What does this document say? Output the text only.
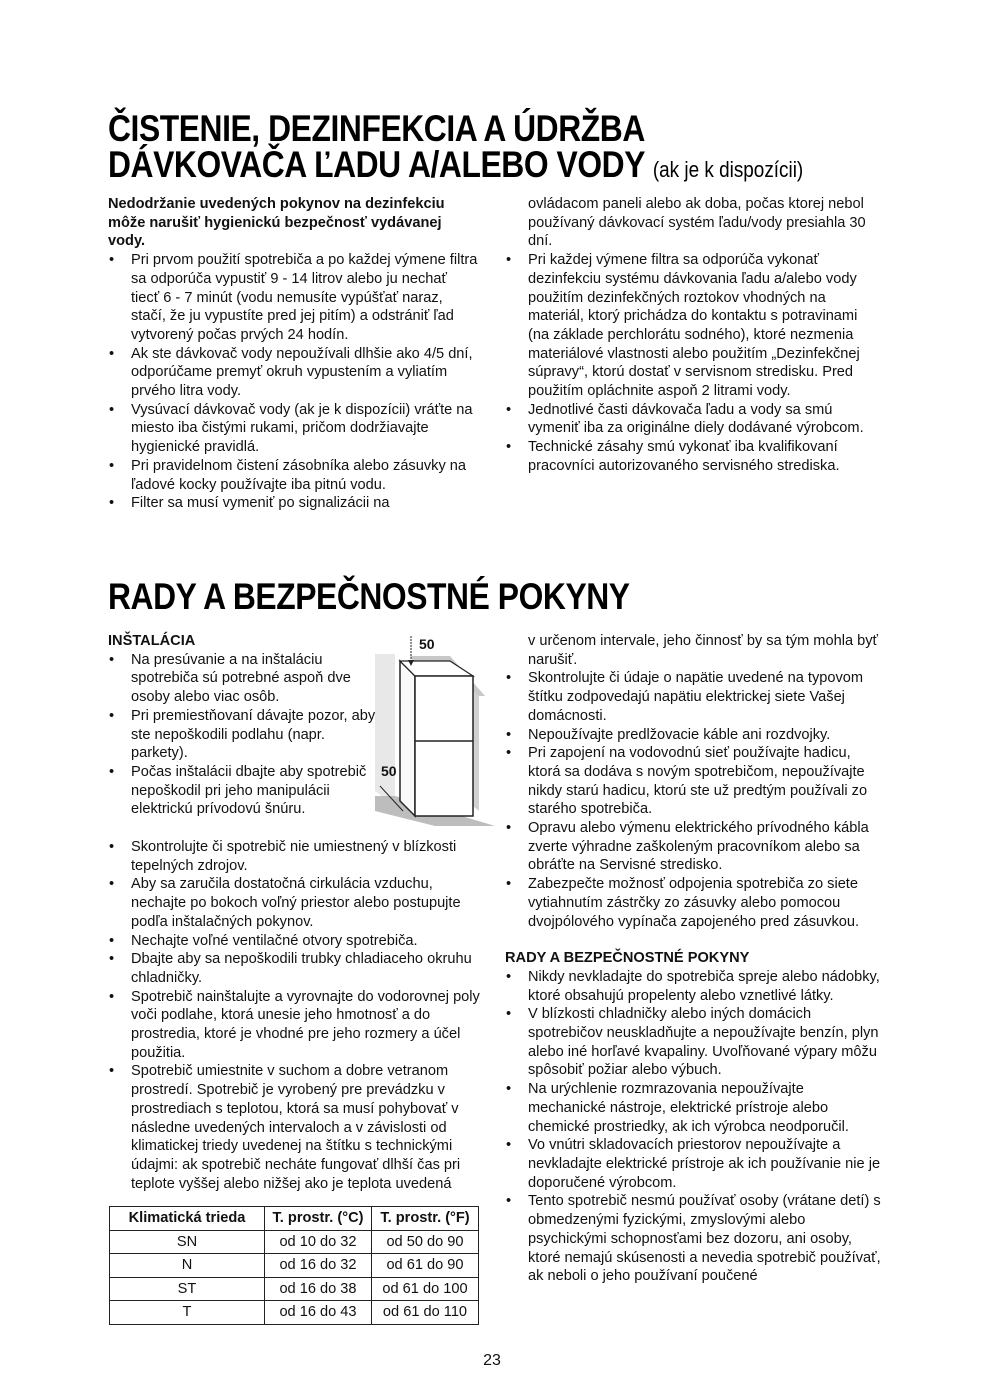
ČISTENIE, DEZINFEKCIA A ÚDRŽBA
DÁVKOVAČA ĽADU A/ALEBO VODY (ak je k dispozícii)

Nedodržanie uvedených pokynov na dezinfekciu môže narušiť hygienickú bezpečnosť vydávanej vody.

• Pri prvom použití spotrebiča a po každej výmene filtra sa odporúča vypustiť 9 - 14 litrov alebo ju nechať tiecť 6 - 7 minút (vodu nemusíte vypúšťať naraz, stačí, že ju vypustíte pred jej pitím) a odstrániť ľad vytvorený počas prvých 24 hodín.
• Ak ste dávkovač vody nepoužívali dlhšie ako 4/5 dní, odporúčame premyť okruh vypustením a vyliatím prvého litra vody.
• Vysúvací dávkovač vody (ak je k dispozícii) vráťte na miesto iba čistými rukami, pričom dodržiavajte hygienické pravidlá.
• Pri pravidelnom čistení zásobníka alebo zásuvky na ľadové kocky používajte iba pitnú vodu.
• Filter sa musí vymeniť po signalizácii na
ovládacom paneli alebo ak doba, počas ktorej nebol používaný dávkovací systém ľadu/vody presiahla 30 dní.
• Pri každej výmene filtra sa odporúča vykonať dezinfekciu systému dávkovania ľadu a/alebo vody použitím dezinfekčných roztokov vhodných na materiál, ktorý prichádza do kontaktu s potravinami (na základe perchlorátu sodného), ktoré nezmenia materiálové vlastnosti alebo použitím „Dezinfekčnej súpravy“, ktorú dostať v servisnom stredisku. Pred použitím opláchnite aspoň 2 litrami vody.
• Jednotlivé časti dávkovača ľadu a vody sa smú vymeniť iba za originálne diely dodávané výrobcom.
• Technické zásahy smú vykonať iba kvalifikovaní pracovníci autorizovaného servisného strediska.
RADY A BEZPEČNOSTNÉ POKYNY

INŠTALÁCIA

• Na presúvanie a na inštaláciu spotrebiča sú potrebné aspoň dve osoby alebo viac osôb.
• Pri premiestňovaní dávajte pozor, aby ste nepoškodili podlahu (napr. parkety).
• Počas inštalácii dbajte aby spotrebič nepoškodil pri jeho manipulácii elektrickú prívodovú šnúru.
50
50
• Skontrolujte či spotrebič nie umiestnený v blízkosti tepelných zdrojov.
• Aby sa zaručila dostatočná cirkulácia vzduchu, nechajte po bokoch voľný priestor alebo postupujte podľa inštalačných pokynov.
• Nechajte voľné ventilačné otvory spotrebiča.
• Dbajte aby sa nepoškodili trubky chladiaceho okruhu chladničky.
• Spotrebič nainštalujte a vyrovnajte do vodorovnej poly voči podlahe, ktorá unesie jeho hmotnosť a do prostredia, ktoré je vhodné pre jeho rozmery a účel použitia.
• Spotrebič umiestnite v suchom a dobre vetranom prostredí. Spotrebič je vyrobený pre prevádzku v prostrediach s teplotou, ktorá sa musí pohybovať v následne uvedených intervaloch a v závislosti od klimatickej triedy uvedenej na štítku s technickými údajmi: ak spotrebič necháte fungovať dlhší čas pri teplote vyššej alebo nižšej ako je teplota uvedená
Klimatická trieda	T. prostr. (°C)	T. prostr. (°F)
SN	od 10 do 32	od 50 do 90
N	od 16 do 32	od 61 do 90
ST	od 16 do 38	od 61 do 100
T	od 16 do 43	od 61 do 110
v určenom intervale, jeho činnosť by sa tým mohla byť narušiť.
• Skontrolujte či údaje o napätie uvedené na typovom štítku zodpovedajú napätiu elektrickej siete Vašej domácnosti.
• Nepoužívajte predlžovacie káble ani rozdvojky.
• Pri zapojení na vodovodnú sieť používajte hadicu, ktorá sa dodáva s novým spotrebičom, nepoužívajte nikdy starú hadicu, ktorú ste už predtým používali zo starého spotrebiča.
• Opravu alebo výmenu elektrického prívodného kábla zverte výhradne zaškoleným pracovníkom alebo sa obráťte na Servisné stredisko.
• Zabezpečte možnosť odpojenia spotrebiča zo siete vytiahnutím zástrčky zo zásuvky alebo pomocou dvojpólového vypínača zapojeného pred zásuvkou.

RADY A BEZPEČNOSTNÉ POKYNY

• Nikdy nevkladajte do spotrebiča spreje alebo nádobky, ktoré obsahujú propelenty alebo vznetlivé látky.
• V blízkosti chladničky alebo iných domácich spotrebičov neuskladňujte a nepoužívajte benzín, plyn alebo iné horľavé kvapaliny. Uvoľňované výpary môžu spôsobiť požiar alebo výbuch.
• Na urýchlenie rozmrazovania nepoužívajte mechanické nástroje, elektrické prístroje alebo chemické prostriedky, ak ich výrobca neodporučil.
• Vo vnútri skladovacích priestorov nepoužívajte a nevkladajte elektrické prístroje ak ich používanie nie je doporučené výrobcom.
• Tento spotrebič nesmú používať osoby (vrátane detí) s obmedzenými fyzickými, zmyslovými alebo psychickými schopnosťami bez dozoru, ani osoby, ktoré nemajú skúsenosti a nevedia spotrebič používať, ak neboli o jeho používaní poučené
23
